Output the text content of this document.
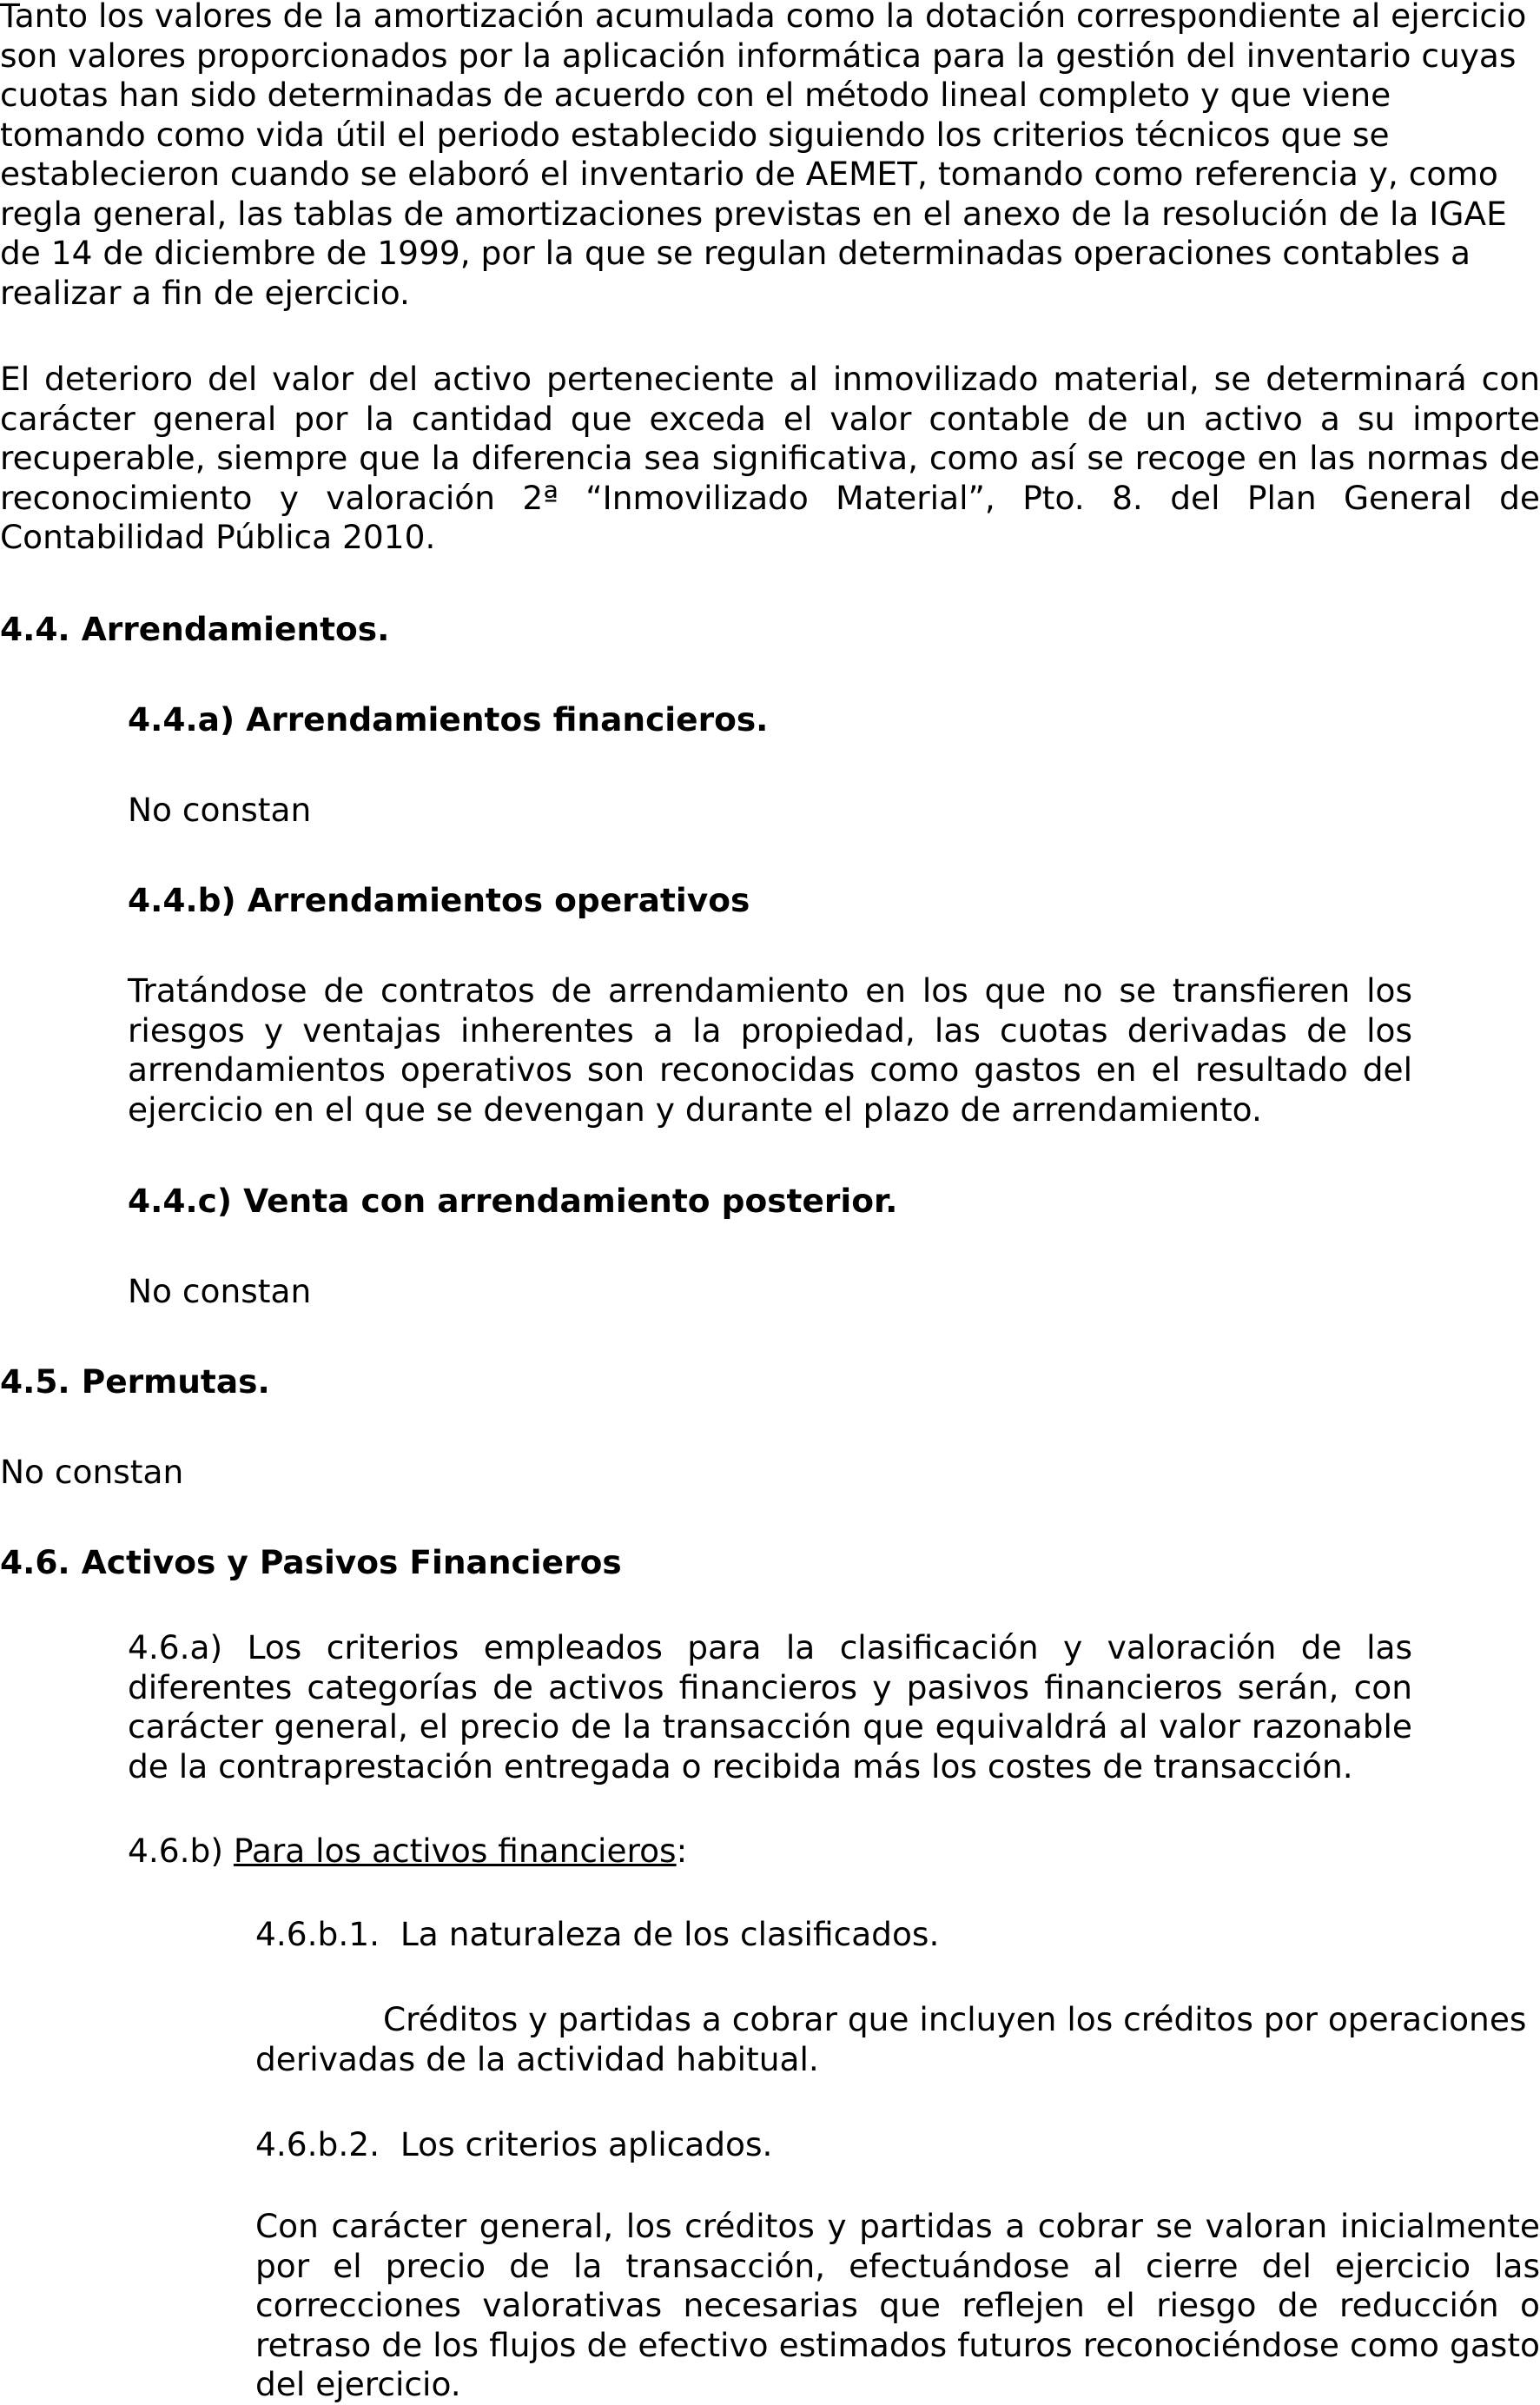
Tanto los valores de la amortización acumulada como la dotación correspondiente al ejercicio son valores proporcionados por la aplicación informática para la gestión del inventario cuyas cuotas han sido determinadas de acuerdo con el método lineal completo y que viene tomando como vida útil el periodo establecido siguiendo los criterios técnicos que se establecieron cuando se elaboró el inventario de AEMET, tomando como referencia y, como regla general, las tablas de amortizaciones previstas en el anexo de la resolución de la IGAE de 14 de diciembre de 1999, por la que se regulan determinadas operaciones contables a realizar a fin de ejercicio.

El deterioro del valor del activo perteneciente al inmovilizado material, se determinará con carácter general por la cantidad que exceda el valor contable de un activo a su importe recuperable, siempre que la diferencia sea significativa, como así se recoge en las normas de reconocimiento y valoración 2ª “Inmovilizado Material”, Pto. 8. del Plan General de Contabilidad Pública 2010.

4.4. Arrendamientos.

4.4.a) Arrendamientos financieros.

No constan

4.4.b) Arrendamientos operativos

Tratándose de contratos de arrendamiento en los que no se transfieren los riesgos y ventajas inherentes a la propiedad, las cuotas derivadas de los arrendamientos operativos son reconocidas como gastos en el resultado del ejercicio en el que se devengan y durante el plazo de arrendamiento.

4.4.c) Venta con arrendamiento posterior.

No constan

4.5. Permutas.

No constan

4.6. Activos y Pasivos Financieros

4.6.a) Los criterios empleados para la clasificación y valoración de las diferentes categorías de activos financieros y pasivos financieros serán, con carácter general, el precio de la transacción que equivaldrá al valor razonable de la contraprestación entregada o recibida más los costes de transacción.

4.6.b) Para los activos financieros:

4.6.b.1.  La naturaleza de los clasificados.

Créditos y partidas a cobrar que incluyen los créditos por operaciones derivadas de la actividad habitual.

4.6.b.2.  Los criterios aplicados.

Con carácter general, los créditos y partidas a cobrar se valoran inicialmente por el precio de la transacción, efectuándose al cierre del ejercicio las correcciones valorativas necesarias que reflejen el riesgo de reducción o retraso de los flujos de efectivo estimados futuros reconociéndose como gasto del ejercicio.
